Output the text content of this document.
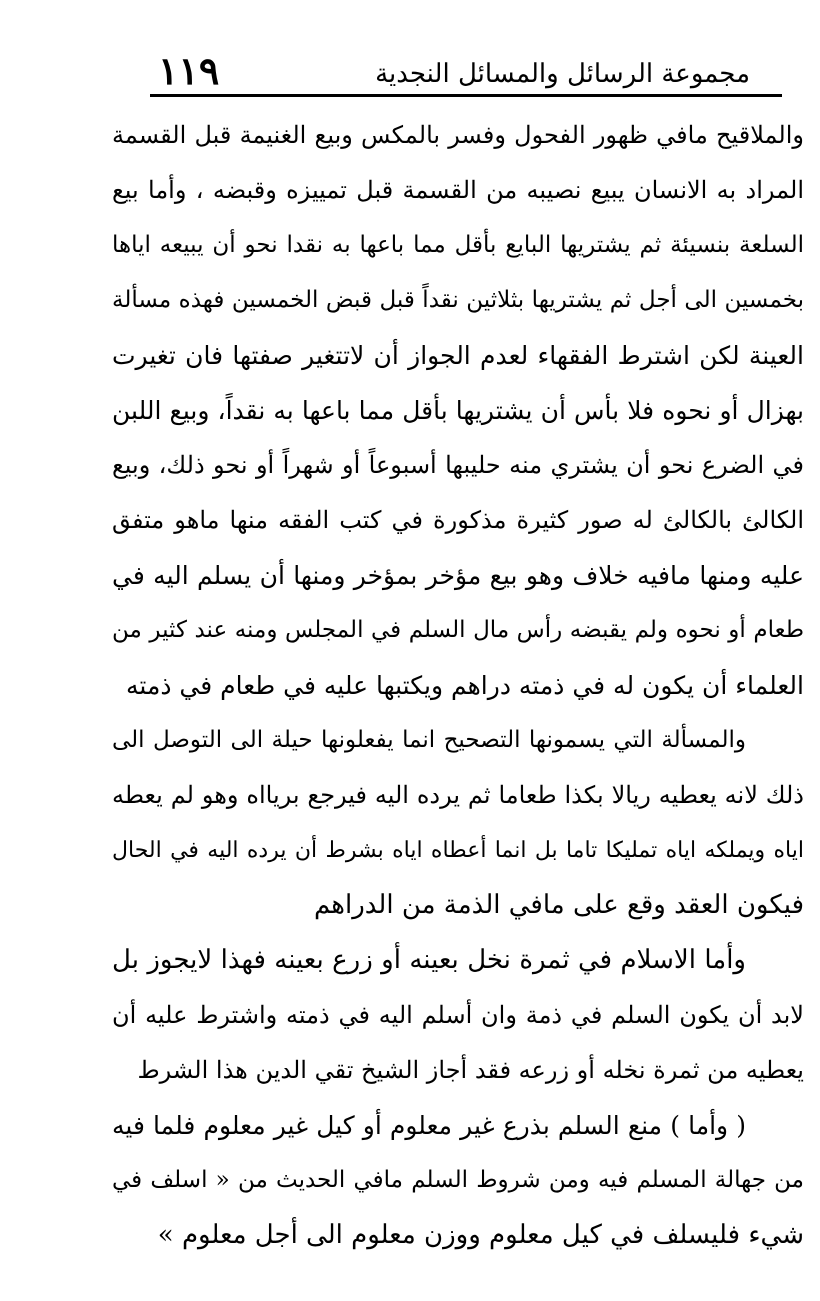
مجموعة الرسائل والمسائل النجدية
١١٩
والملاقيح مافي ظهور الفحول وفسر بالمكس وبيع الغنيمة قبل القسمة
المراد به الانسان يبيع نصيبه من القسمة قبل تمييزه وقبضه ، وأما بيع
السلعة بنسيئة ثم يشتريها البايع بأقل مما باعها به نقدا نحو أن يبيعه اياها
بخمسين الى أجل ثم يشتريها بثلاثين نقداً قبل قبض الخمسين فهذه مسألة
العينة لكن اشترط الفقهاء لعدم الجواز أن لاتتغير صفتها فان تغيرت
بهزال أو نحوه فلا بأس أن يشتريها بأقل مما باعها به نقداً، وبيع اللبن
في الضرع نحو أن يشتري منه حليبها أسبوعاً أو شهراً أو نحو ذلك، وبيع
الكالئ بالكالئ له صور كثيرة مذكورة في كتب الفقه منها ماهو متفق
عليه ومنها مافيه خلاف وهو بيع مؤخر بمؤخر ومنها أن يسلم اليه في
طعام أو نحوه ولم يقبضه رأس مال السلم في المجلس ومنه عند كثير من
العلماء أن يكون له في ذمته دراهم ويكتبها عليه في طعام في ذمته
والمسألة التي يسمونها التصحيح انما يفعلونها حيلة الى التوصل الى
ذلك لانه يعطيه ريالا بكذا طعاما ثم يرده اليه فيرجع بريااه وهو لم يعطه
اياه ويملكه اياه تمليكا تاما بل انما أعطاه اياه بشرط أن يرده اليه في الحال
فيكون العقد وقع على مافي الذمة من الدراهم
وأما الاسلام في ثمرة نخل بعينه أو زرع بعينه فهذا لايجوز بل
لابد أن يكون السلم في ذمة وان أسلم اليه في ذمته واشترط عليه أن
يعطيه من ثمرة نخله أو زرعه فقد أجاز الشيخ تقي الدين هذا الشرط
( وأما ) منع السلم بذرع غير معلوم أو كيل غير معلوم فلما فيه
من جهالة المسلم فيه ومن شروط السلم مافي الحديث من « اسلف في
شيء فليسلف في كيل معلوم ووزن معلوم الى أجل معلوم »
